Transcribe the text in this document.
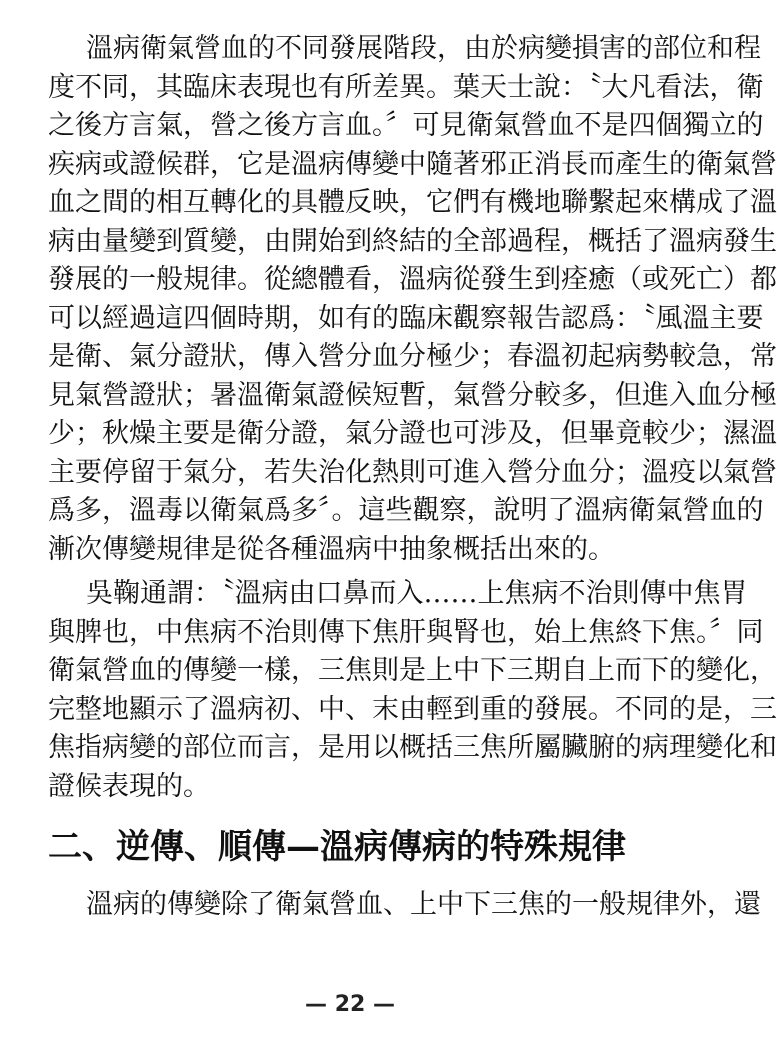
溫病衛氣營血的不同發展階段，由於病變損害的部位和程
度不同，其臨床表現也有所差異。葉天士說：〝大凡看法，衛
之後方言氣，營之後方言血。〞可見衛氣營血不是四個獨立的
疾病或證候群，它是溫病傳變中隨著邪正消長而產生的衛氣營
血之間的相互轉化的具體反映，它們有機地聯繫起來構成了溫
病由量變到質變，由開始到終結的全部過程，概括了溫病發生
發展的一般規律。從總體看，溫病從發生到痊癒（或死亡）都
可以經過這四個時期，如有的臨床觀察報告認爲：〝風溫主要
是衛、氣分證狀，傳入營分血分極少；春溫初起病勢較急，常
見氣營證狀；暑溫衛氣證候短暫，氣營分較多，但進入血分極
少；秋燥主要是衛分證，氣分證也可涉及，但畢竟較少；濕溫
主要停留于氣分，若失治化熱則可進入營分血分；溫疫以氣營
爲多，溫毒以衛氣爲多〞。這些觀察，說明了溫病衛氣營血的
漸次傳變規律是從各種溫病中抽象概括出來的。
吳鞠通謂：〝溫病由口鼻而入……上焦病不治則傳中焦胃
與脾也，中焦病不治則傳下焦肝與腎也，始上焦終下焦。〞同
衛氣營血的傳變一樣，三焦則是上中下三期自上而下的變化，
完整地顯示了溫病初、中、末由輕到重的發展。不同的是，三
焦指病變的部位而言，是用以概括三焦所屬臟腑的病理變化和
證候表現的。
二、逆傳、順傳—溫病傳病的特殊規律
溫病的傳變除了衛氣營血、上中下三焦的一般規律外，還
— 22 —
